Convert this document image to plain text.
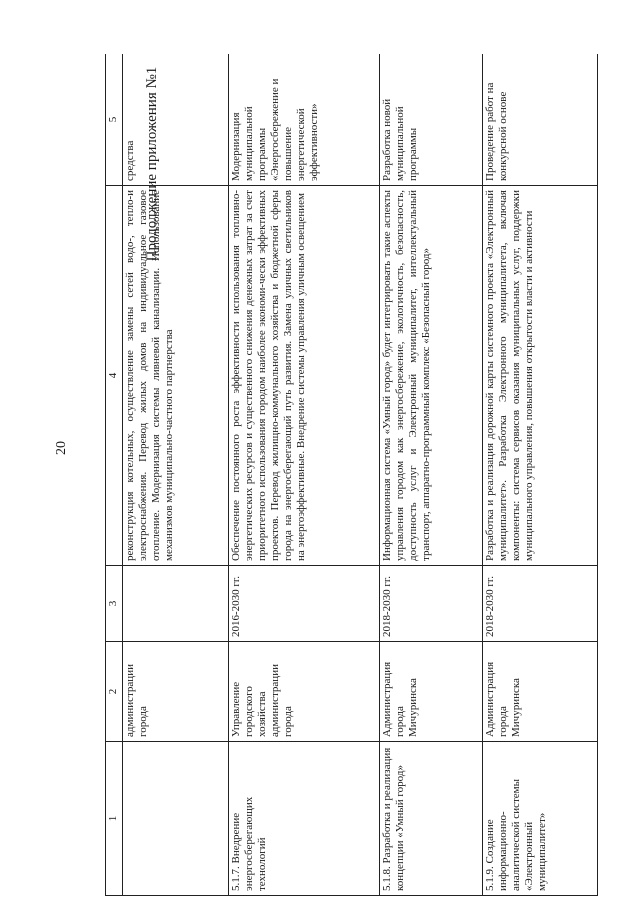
20
Продолжение приложения №1
1	2	3	4	5
	администрации города		реконструкция котельных, осуществление замены сетей водо-, тепло-и электроснабжения. Перевод жилых домов на индивидуальное газовое отопление. Модернизация системы ливневой канализации. Использование механизмов муниципально-частного партнерства	средства
5.1.7. Внедрение энергосберегающих технологий	Управление городского хозяйства администрации города	2016-2030 гг.	Обеспечение постоянного роста эффективности использования топливно-энергетических ресурсов и существенного снижения денежных затрат за счет приоритетного использования городом наиболее экономи-чески эффективных проектов. Перевод жилищно-коммунального хозяйства и бюджетной сферы города на энергосберегающий путь развития. Замена уличных светильников на энергоэффективные. Внедрение системы управления уличным освещением	Модернизация муниципальной программы «Энергосбережение и повышение энергетической эффективности»
5.1.8. Разработка и реализация концепции «Умный город»	Администрация города Мичуринска	2018-2030 гг.	Информационная система «Умный город» будет интегрировать такие аспекты управления городом как энергосбережение, экологичность, безопасность, доступность услуг и Электронный муниципалитет, интеллектуальный транспорт, аппаратно-программный комплекс «Безопасный город»	Разработка новой муниципальной программы
5.1.9. Создание информационно-аналитической системы «Электронный муниципалитет»	Администрация города Мичуринска	2018-2030 гг.	Разработка и реализация дорожной карты системного проекта «Электронный муниципалитет». Разработка Электронного муниципалитета, включая компоненты: система сервисов оказания муниципальных услуг, поддержки муниципального управления, повышения открытости власти и активности	Проведение работ на конкурсной основе
